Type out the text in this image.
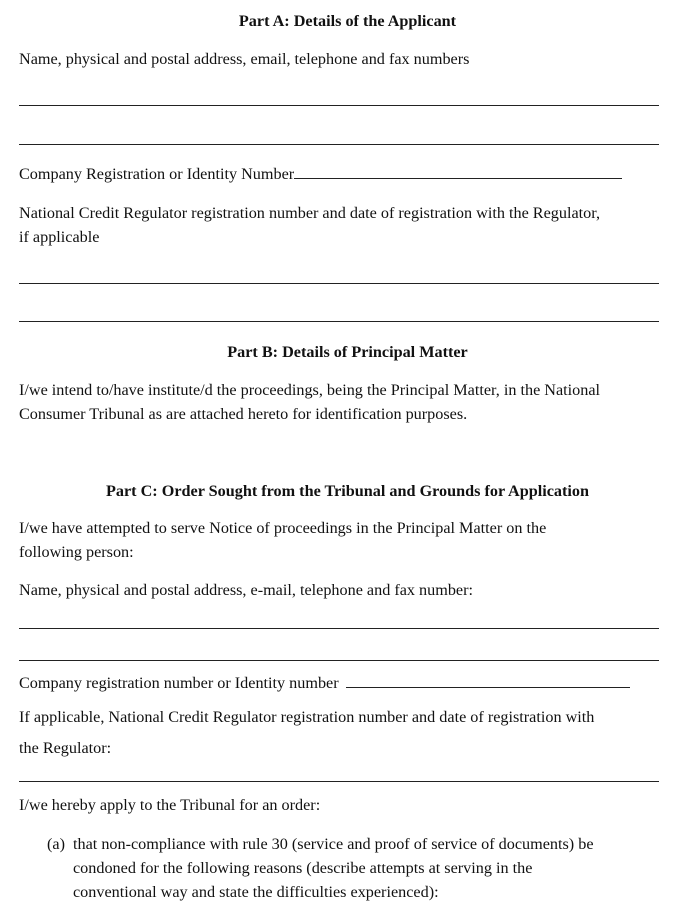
Part A: Details of the Applicant
Name, physical and postal address, email, telephone and fax numbers
Company Registration or Identity Number
National Credit Regulator registration number and date of registration with the Regulator,
if applicable
Part B: Details of Principal Matter
I/we intend to/have institute/d the proceedings, being the Principal Matter, in the National
Consumer Tribunal as are attached hereto for identification purposes.
Part C: Order Sought from the Tribunal and Grounds for Application
I/we have attempted to serve Notice of proceedings in the Principal Matter on the
following person:
Name, physical and postal address, e-mail, telephone and fax number:
Company registration number or Identity number
If applicable, National Credit Regulator registration number and date of registration with
the Regulator:
I/we hereby apply to the Tribunal for an order:
(a) that non-compliance with rule 30 (service and proof of service of documents) be
condoned for the following reasons (describe attempts at serving in the
conventional way and state the difficulties experienced):
